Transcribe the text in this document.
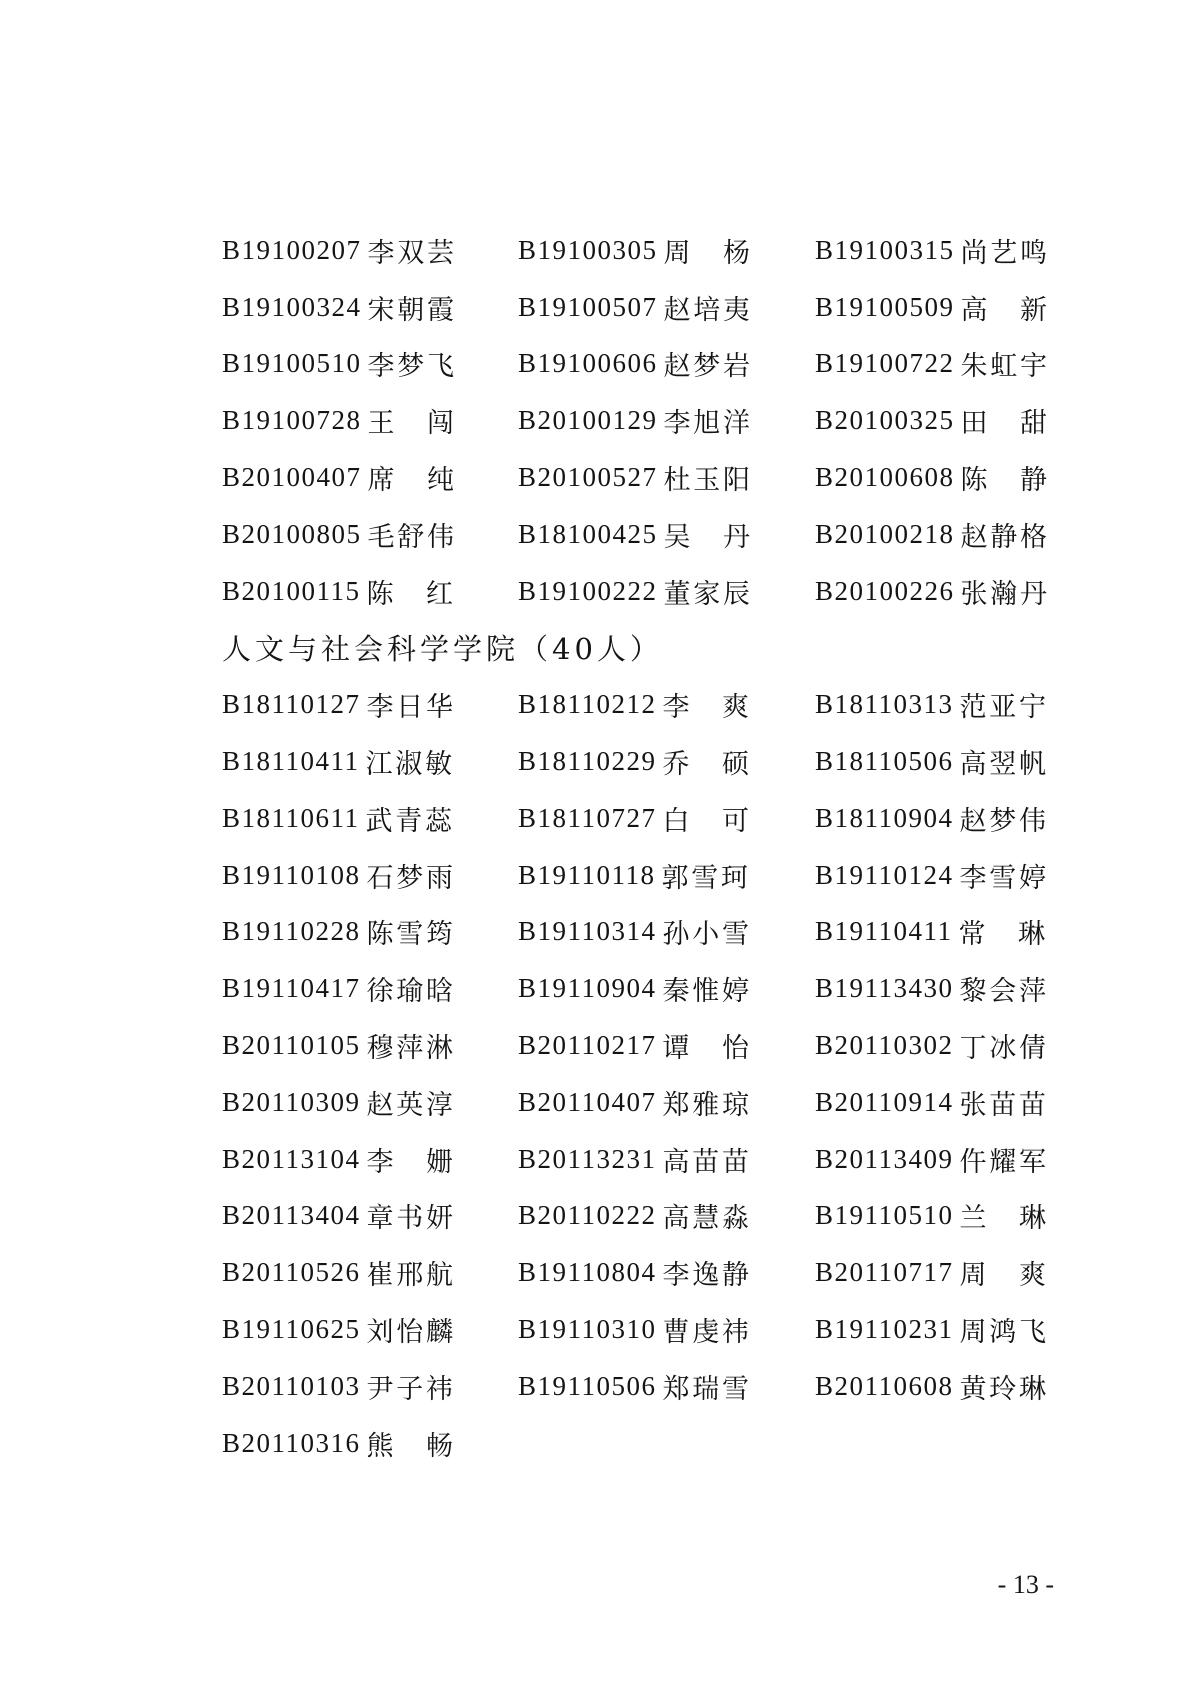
B19100207 李双芸 B19100305 周杨 B19100315 尚艺鸣
B19100324 宋朝霞 B19100507 赵培夷 B19100509 高新
B19100510 李梦飞 B19100606 赵梦岩 B19100722 朱虹宇
B19100728 王闯 B20100129 李旭洋 B20100325 田甜
B20100407 席纯 B20100527 杜玉阳 B20100608 陈静
B20100805 毛舒伟 B18100425 吴丹 B20100218 赵静格
B20100115 陈红 B19100222 董家辰 B20100226 张瀚丹
人文与社会科学学院（40人）
B18110127 李日华 B18110212 李爽 B18110313 范亚宁
B18110411 江淑敏 B18110229 乔硕 B18110506 高翌帆
B18110611 武青蕊 B18110727 白可 B18110904 赵梦伟
B19110108 石梦雨 B19110118 郭雪珂 B19110124 李雪婷
B19110228 陈雪筠 B19110314 孙小雪 B19110411 常琳
B19110417 徐瑜晗 B19110904 秦惟婷 B19113430 黎会萍
B20110105 穆萍淋 B20110217 谭怡 B20110302 丁冰倩
B20110309 赵英淳 B20110407 郑雅琼 B20110914 张苗苗
B20113104 李姗 B20113231 高苗苗 B20113409 仵耀军
B20113404 章书妍 B20110222 高慧淼 B19110510 兰琳
B20110526 崔邢航 B19110804 李逸静 B20110717 周爽
B19110625 刘怡麟 B19110310 曹虔祎 B19110231 周鸿飞
B20110103 尹子祎 B19110506 郑瑞雪 B20110608 黄玲琳
B20110316 熊畅
- 13 -
